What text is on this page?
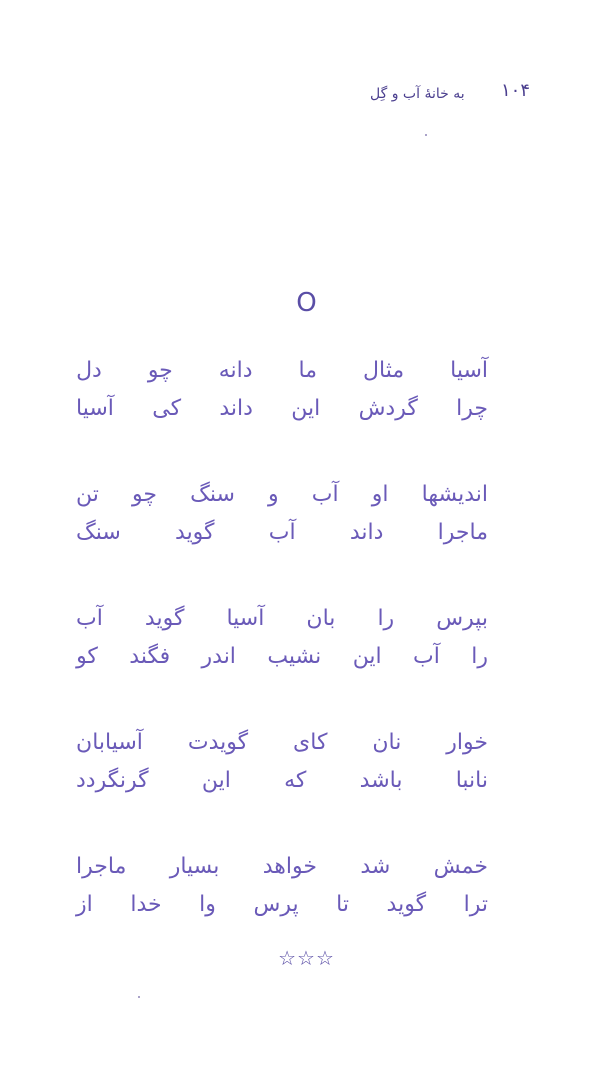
۱۰۴
به خانهٔ آب و گِل
O
دل چو دانه ما مثال آسیا
آسیا کی داند این گردش چرا
تن چو سنگ و آب او اندیشها
سنگ گوید آب داند ماجرا
آب گوید آسیا بان را بپرس
کو فگند اندر نشیب این آب را
آسیابان گویدت کای نان خوار
گرنگردد این که باشد نانبا
ماجرا بسیار خواهد شد خمش
از خدا وا پرس تا گوید ترا
☆☆☆
